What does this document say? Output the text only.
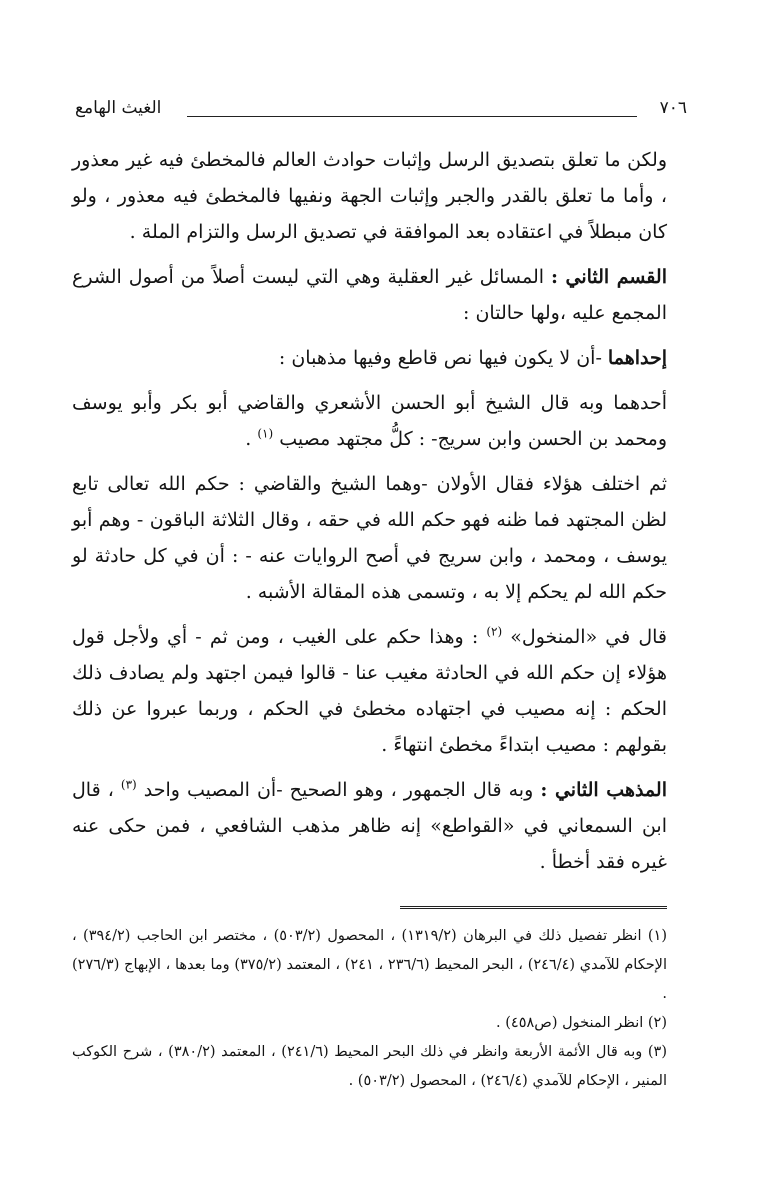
الغيث الهامع	٧٠٦

ولكن ما تعلق بتصديق الرسل وإثبات حوادث العالم فالمخطئ فيه غير معذور ، وأما ما تعلق بالقدر والجبر وإثبات الجهة ونفيها فالمخطئ فيه معذور ، ولو كان مبطلاً في اعتقاده بعد الموافقة في تصديق الرسل والتزام الملة .

القسم الثاني : المسائل غير العقلية وهي التي ليست أصلاً من أصول الشرع المجمع عليه ،ولها حالتان :

إحداهما -أن لا يكون فيها نص قاطع وفيها مذهبان :

أحدهما وبه قال الشيخ أبو الحسن الأشعري والقاضي أبو بكر وأبو يوسف ومحمد بن الحسن وابن سريج- : كلُّ مجتهد مصيب $^{(١)}$ .

ثم اختلف هؤلاء فقال الأولان -وهما الشيخ والقاضي : حكم الله تعالى تابع لظن المجتهد فما ظنه فهو حكم الله في حقه ، وقال الثلاثة الباقون - وهم أبو يوسف ، ومحمد ، وابن سريج في أصح الروايات عنه - : أن في كل حادثة لو حكم الله لم يحكم إلا به ، وتسمى هذه المقالة الأشبه .

قال في «المنخول» $^{(٢)}$ : وهذا حكم على الغيب ، ومن ثم - أي ولأجل قول هؤلاء إن حكم الله في الحادثة مغيب عنا - قالوا فيمن اجتهد ولم يصادف ذلك الحكم : إنه مصيب في اجتهاده مخطئ في الحكم ، وربما عبروا عن ذلك بقولهم : مصيب ابتداءً مخطئ انتهاءً .

المذهب الثاني : وبه قال الجمهور ، وهو الصحيح -أن المصيب واحد $^{(٣)}$ ، قال ابن السمعاني في «القواطع» إنه ظاهر مذهب الشافعي ، فمن حكى عنه غيره فقد أخطأ .

(١) انظر تفصيل ذلك في البرهان (١٣١٩/٢) ، المحصول (٥٠٣/٢) ، مختصر ابن الحاجب (٣٩٤/٢) ، الإحكام للآمدي (٢٤٦/٤) ، البحر المحيط (٢٣٦/٦ ، ٢٤١) ، المعتمد (٣٧٥/٢) وما بعدها ، الإبهاج (٢٧٦/٣) .

(٢) انظر المنخول (ص٤٥٨) .

(٣) وبه قال الأئمة الأربعة وانظر في ذلك البحر المحيط (٢٤١/٦) ، المعتمد (٣٨٠/٢) ، شرح الكوكب المنير ، الإحكام للآمدي (٢٤٦/٤) ، المحصول (٥٠٣/٢) .
